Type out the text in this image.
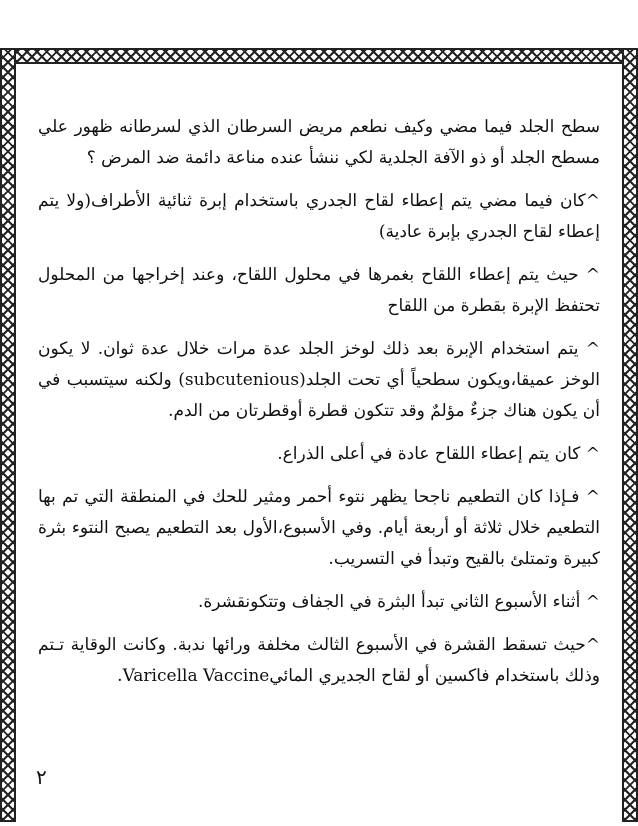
سطح الجلد فيما مضي وكيف نطعم مريض السرطان الذي لسرطانه ظهور علي مسطح الجلد أو ذو الآفة الجلدية لكي ننشأ عنده مناعة دائمة ضد المرض ؟

^كان فيما مضي يتم إعطاء لقاح الجدري باستخدام إبرة ثنائية الأطراف(ولا يتم إعطاء لقاح الجدري بإبرة عادية)

^ حيث يتم إعطاء اللقاح بغمرها في محلول اللقاح، وعند إخراجها من المحلول تحتفظ الإبرة بقطرة من اللقاح

^ يتم استخدام الإبرة بعد ذلك لوخز الجلد عدة مرات خلال عدة ثوان. لا يكون الوخز عميقا،ويكون سطحياً أي تحت الجلد(subcutenious) ولكنه سيتسبب في أن يكون هناك جزءٌ مؤلمٌ وقد تتكون قطرة أوقطرتان من الدم.

^ كان يتم إعطاء اللقاح عادة في أعلى الذراع.

^ فـإذا كان التطعيم ناجحا يظهر نتوء أحمر ومثير للحك في المنطقة التي تم بها التطعيم خلال ثلاثة أو أربعة أيام. وفي الأسبوع،الأول بعد التطعيم يصبح النتوء بثرة كبيرة وتمتلئ بالقيح وتبدأ في التسريب.

^ أثناء الأسبوع الثاني تبدأ البثرة في الجفاف وتتكونقشرة.

^حيث تسقط القشرة في الأسبوع الثالث مخلفة ورائها ندبة. وكانت الوقاية تـتم وذلك باستخدام فاكسين أو لقاح الجديري المائيVaricella Vaccine.

٢
